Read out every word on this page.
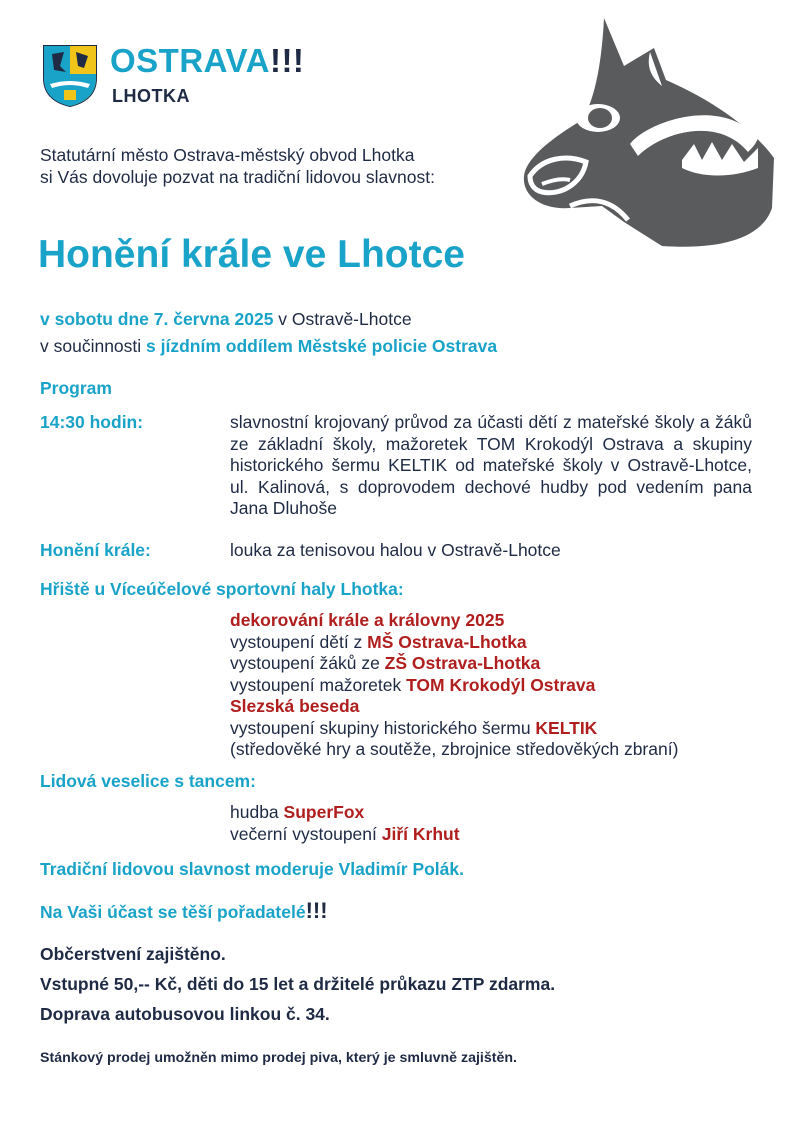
OSTRAVA!!!
LHOTKA
Statutární město Ostrava-městský obvod Lhotka
si Vás dovoluje pozvat na tradiční lidovou slavnost:
Honění krále ve Lhotce
v sobotu dne 7. června 2025 v Ostravě-Lhotce
v součinnosti s jízdním oddílem Městské policie Ostrava
Program
14:30 hodin:	slavnostní krojovaný průvod za účasti dětí z mateřské školy a žáků ze základní školy, mažoretek TOM Krokodýl Ostrava a skupiny historického šermu KELTIK od mateřské školy v Ostravě-Lhotce, ul. Kalinová, s doprovodem dechové hudby pod vedením pana Jana Dluhoše
Honění krále:	louka za tenisovou halou v Ostravě-Lhotce
Hřiště u Víceúčelové sportovní haly Lhotka:
dekorování krále a královny 2025
vystoupení dětí z MŠ Ostrava-Lhotka
vystoupení žáků ze ZŠ Ostrava-Lhotka
vystoupení mažoretek TOM Krokodýl Ostrava
Slezská beseda
vystoupení skupiny historického šermu KELTIK
(středověké hry a soutěže, zbrojnice středověkých zbraní)
Lidová veselice s tancem:
hudba SuperFox
večerní vystoupení Jiří Krhut
Tradiční lidovou slavnost moderuje Vladimír Polák.
Na Vaši účast se těší pořadatelé!!!
Občerstvení zajištěno.
Vstupné 50,-- Kč, děti do 15 let a držitelé průkazu ZTP zdarma.
Doprava autobusovou linkou č. 34.
Stánkový prodej umožněn mimo prodej piva, který je smluvně zajištěn.
